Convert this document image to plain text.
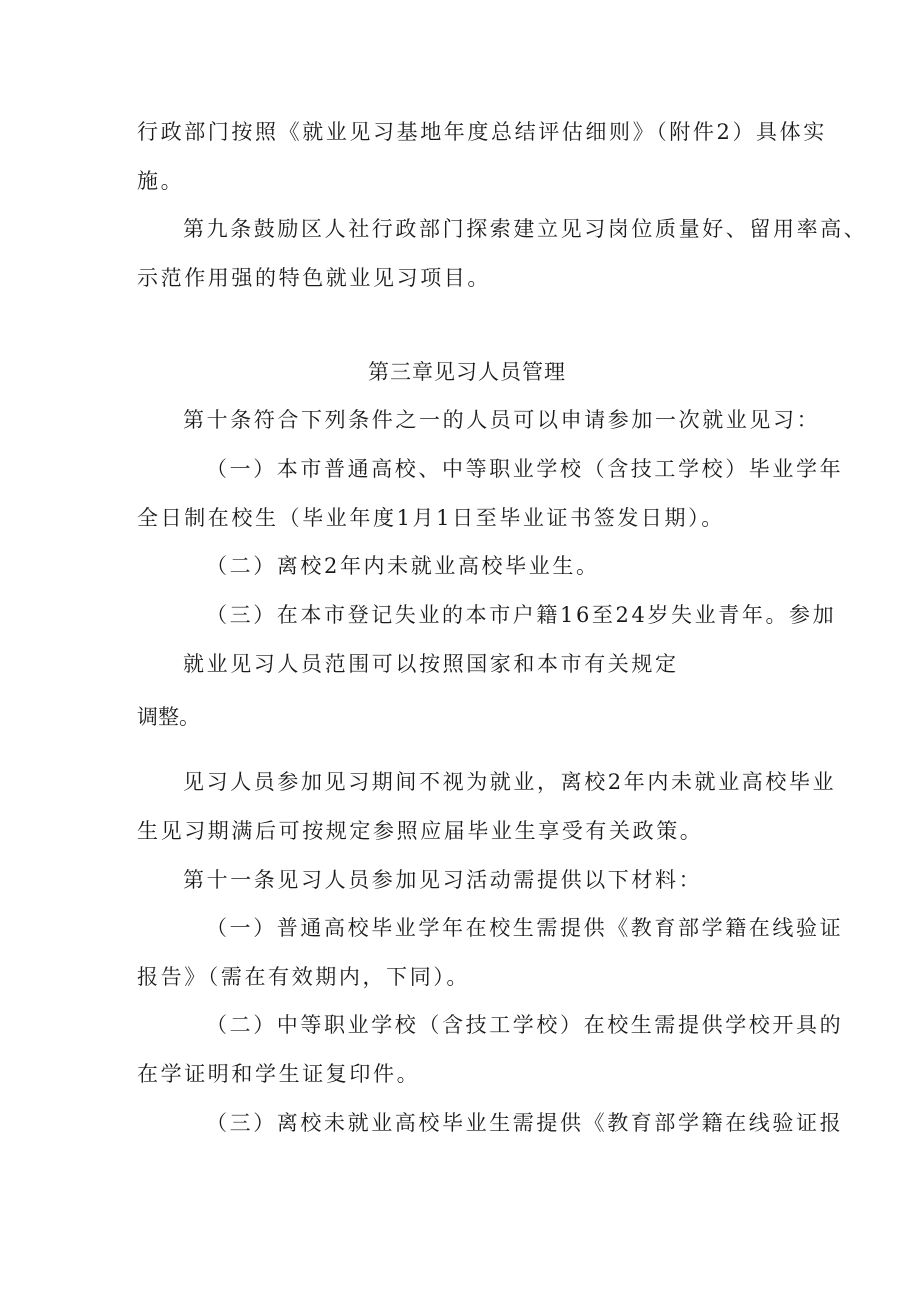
行政部门按照《就业见习基地年度总结评估细则》（附件2）具体实

施。

第九条鼓励区人社行政部门探索建立见习岗位质量好、留用率高、

示范作用强的特色就业见习项目。

第三章见习人员管理

第十条符合下列条件之一的人员可以申请参加一次就业见习：

（一）本市普通高校、中等职业学校（含技工学校）毕业学年

全日制在校生（毕业年度1月1日至毕业证书签发日期）。

（二）离校2年内未就业高校毕业生。

（三）在本市登记失业的本市户籍16至24岁失业青年。参加

就业见习人员范围可以按照国家和本市有关规定

调整。

见习人员参加见习期间不视为就业，离校2年内未就业高校毕业

生见习期满后可按规定参照应届毕业生享受有关政策。

第十一条见习人员参加见习活动需提供以下材料：

（一）普通高校毕业学年在校生需提供《教育部学籍在线验证

报告》（需在有效期内，下同）。

（二）中等职业学校（含技工学校）在校生需提供学校开具的

在学证明和学生证复印件。

（三）离校未就业高校毕业生需提供《教育部学籍在线验证报
